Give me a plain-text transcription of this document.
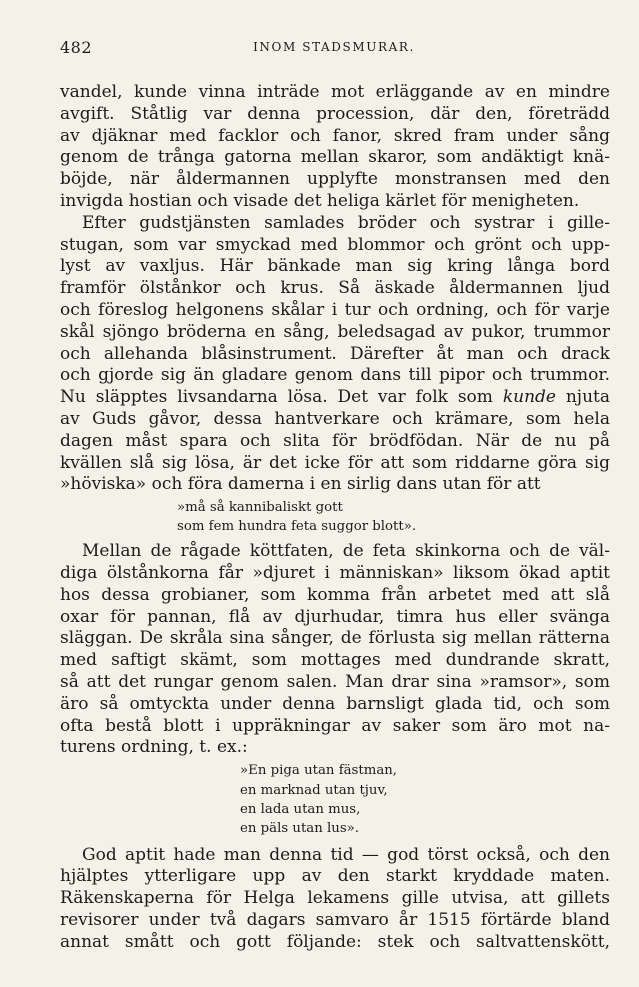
482	INOM STADSMURAR.
vandel, kunde vinna inträde mot erläggande av en mindre
avgift. Ståtlig var denna procession, där den, företrädd
av djäknar med facklor och fanor, skred fram under sång
genom de trånga gatorna mellan skaror, som andäktigt knä-
böjde, när åldermannen upplyfte monstransen med den
invigda hostian och visade det heliga kärlet för menigheten.
Efter gudstjänsten samlades bröder och systrar i gille-
stugan, som var smyckad med blommor och grönt och upp-
lyst av vaxljus. Här bänkade man sig kring långa bord
framför ölstånkor och krus. Så äskade åldermannen ljud
och föreslog helgonens skålar i tur och ordning, och för varje
skål sjöngo bröderna en sång, beledsagad av pukor, trummor
och allehanda blåsinstrument. Därefter åt man och drack
och gjorde sig än gladare genom dans till pipor och trummor.
Nu släpptes livsandarna lösa. Det var folk som kunde njuta
av Guds gåvor, dessa hantverkare och krämare, som hela
dagen måst spara och slita för brödfödan. När de nu på
kvällen slå sig lösa, är det icke för att som riddarne göra sig
»höviska» och föra damerna i en sirlig dans utan för att
»må så kannibaliskt gott
som fem hundra feta suggor blott».
Mellan de rågade köttfaten, de feta skinkorna och de väl-
diga ölstånkorna får »djuret i människan» liksom ökad aptit
hos dessa grobianer, som komma från arbetet med att slå
oxar för pannan, flå av djurhudar, timra hus eller svänga
släggan. De skråla sina sånger, de förlusta sig mellan rätterna
med saftigt skämt, som mottages med dundrande skratt,
så att det rungar genom salen. Man drar sina »ramsor», som
äro så omtyckta under denna barnsligt glada tid, och som
ofta bestå blott i uppräkningar av saker som äro mot na-
turens ordning, t. ex.:
»En piga utan fästman,
en marknad utan tjuv,
en lada utan mus,
en päls utan lus».
God aptit hade man denna tid — god törst också, och den
hjälptes ytterligare upp av den starkt kryddade maten.
Räkenskaperna för Helga lekamens gille utvisa, att gillets
revisorer under två dagars samvaro år 1515 förtärde bland
annat smått och gott följande: stek och saltvattenskött,
